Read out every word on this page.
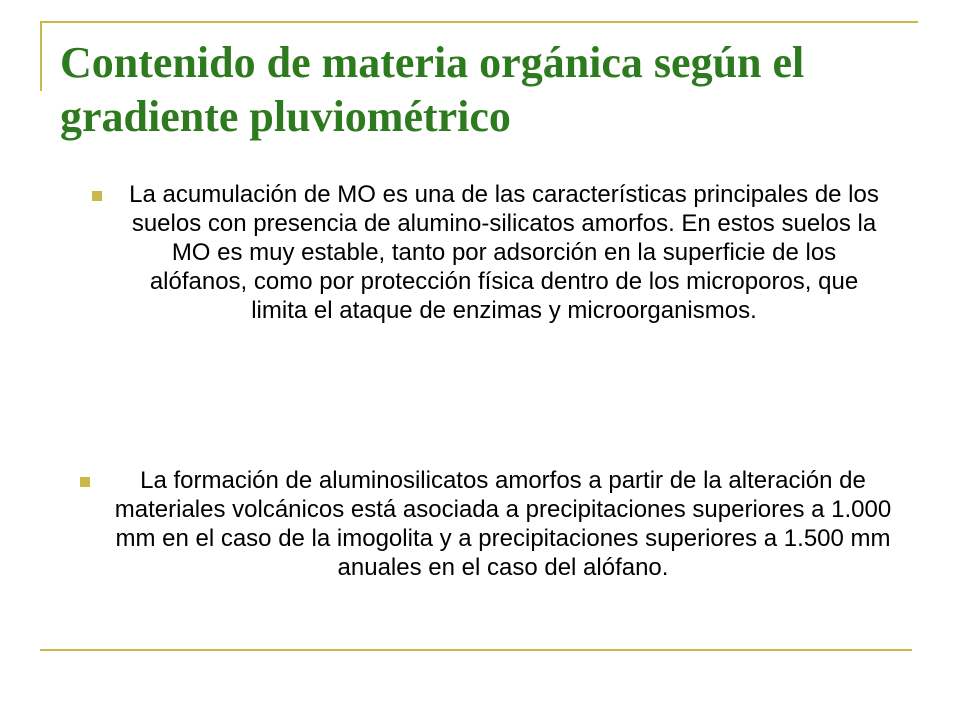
Contenido de materia orgánica según el gradiente pluviométrico

La acumulación de MO es una de las características principales de los suelos con presencia de alumino-silicatos amorfos. En estos suelos la MO es muy estable, tanto por adsorción en la superficie de los alófanos, como por protección física dentro de los microporos, que limita el ataque de enzimas y microorganismos.

La formación de aluminosilicatos amorfos a partir de la alteración de materiales volcánicos está asociada a precipitaciones superiores a 1.000 mm en el caso de la imogolita y a precipitaciones superiores a 1.500 mm anuales en el caso del alófano.
